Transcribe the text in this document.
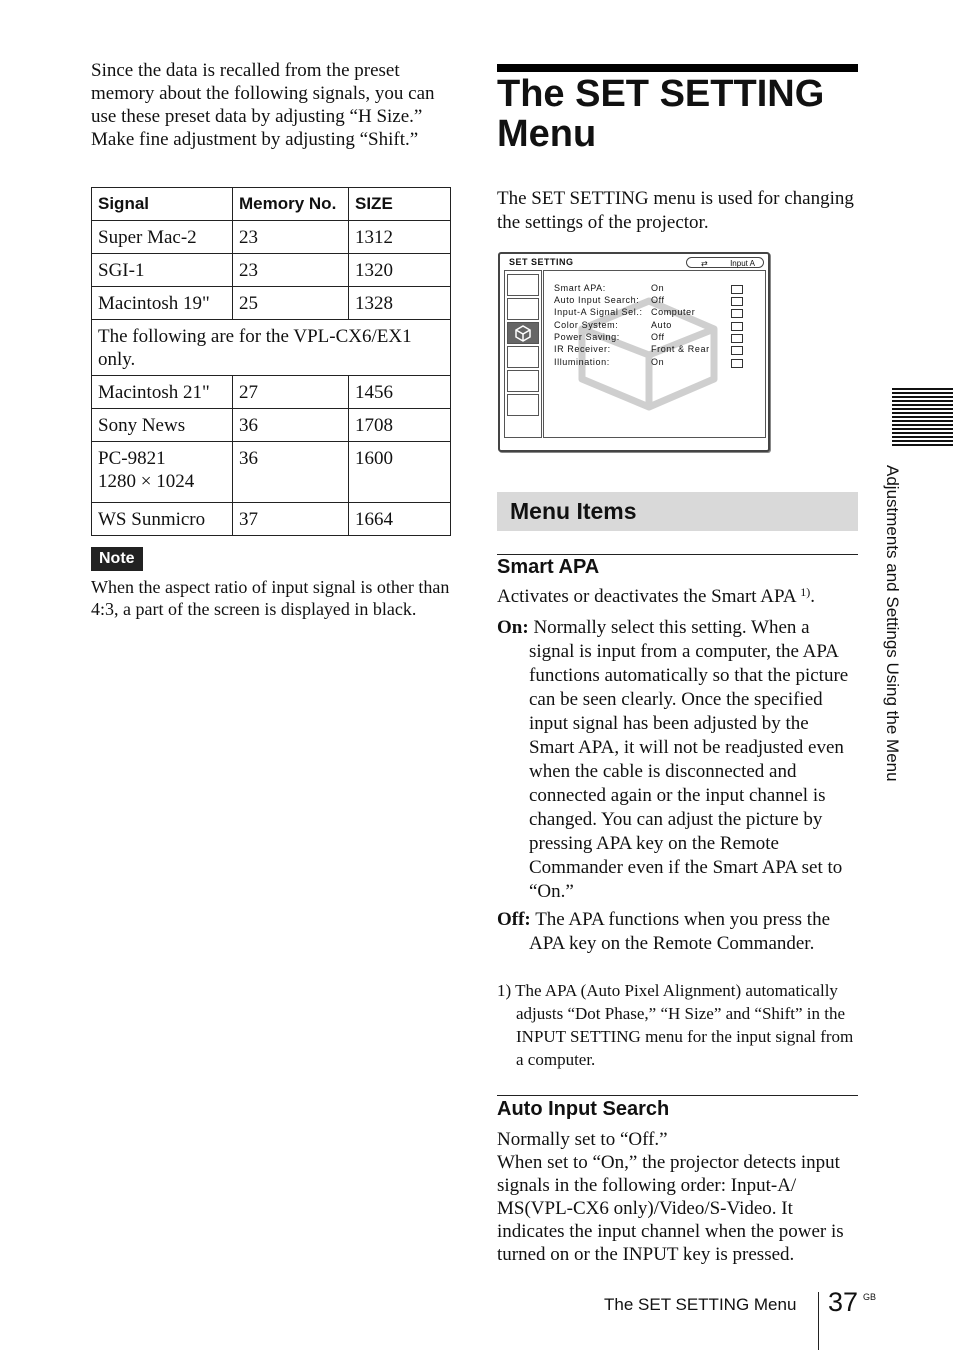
Since the data is recalled from the preset memory about the following signals, you can use these preset data by adjusting “H Size.” Make fine adjustment by adjusting “Shift.”
Signal	Memory No.	SIZE
Super Mac-2	23	1312
SGI-1	23	1320
Macintosh 19"	25	1328
The following are for the VPL-CX6/EX1 only.		
Macintosh 21"	27	1456
Sony News	36	1708

PC-9821
1280 × 1024	36	1600
WS Sunmicro	37	1664
Note
When the aspect ratio of input signal is other than 4:3, a part of the screen is displayed in black.
The SET SETTING Menu
The SET SETTING menu is used for changing the settings of the projector.
SET SETTING	⇄	Input A
Smart APA:	On
Auto Input Search: Off
Input-A Signal Sel.: Computer
Color System:	Auto
Power Saving:	Off
IR Receiver:	Front & Rear
Illumination:	On
Menu Items
Smart APA
Activates or deactivates the Smart APA $^{1)}$.
On: Normally select this setting. When a signal is input from a computer, the APA functions automatically so that the picture can be seen clearly. Once the specified input signal has been adjusted by the Smart APA, it will not be readjusted even when the cable is disconnected and connected again or the input channel is changed. You can adjust the picture by pressing APA key on the Remote Commander even if the Smart APA set to “On.”
Off: The APA functions when you press the APA key on the Remote Commander.
1) The APA (Auto Pixel Alignment) automatically adjusts “Dot Phase,” “H Size” and “Shift” in the INPUT SETTING menu for the input signal from a computer.
Auto Input Search
Normally set to “Off.”
When set to “On,” the projector detects input signals in the following order: Input-A/ MS(VPL-CX6 only)/Video/S-Video. It indicates the input channel when the power is turned on or the INPUT key is pressed.
Adjustments and Settings Using the Menu
The SET SETTING Menu 37 GB
